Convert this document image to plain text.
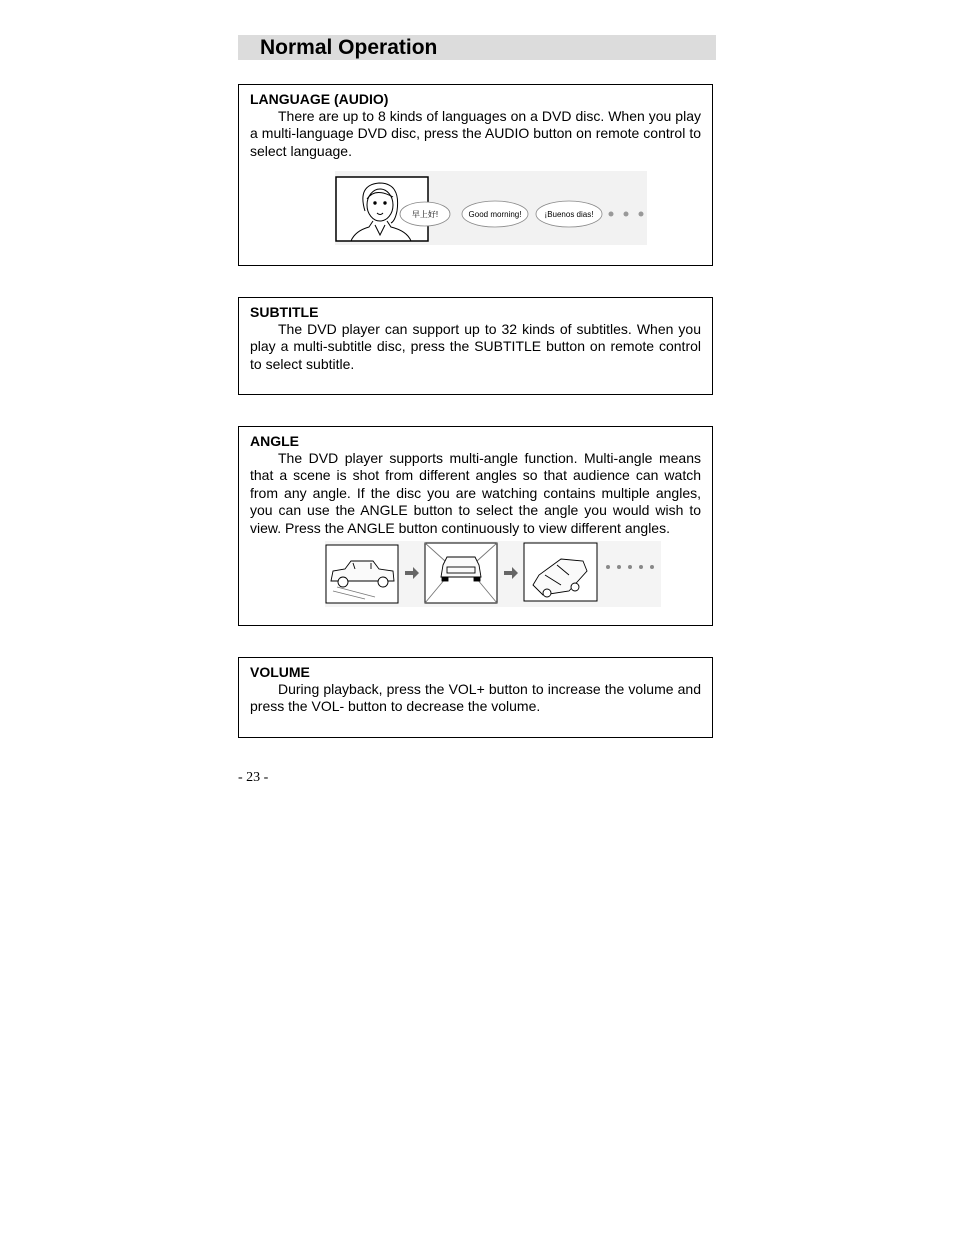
Normal Operation
LANGUAGE (AUDIO)

There are up to 8 kinds of languages on a DVD disc. When you play a multi-language DVD disc, press the AUDIO button on remote control to select language.

早上好!	Good morning!	¡Buenos dias!
SUBTITLE

The DVD player can support up to 32 kinds of subtitles. When you play a multi-subtitle disc, press the SUBTITLE button on remote control to select subtitle.

ANGLE

The DVD player supports multi-angle function. Multi-angle means that a scene is shot from different angles so that audience can watch from any angle. If the disc you are watching contains multiple angles, you can use the ANGLE button to select the angle you would wish to view. Press the ANGLE button continuously to view different angles.

VOLUME

During playback, press the VOL+ button to increase the volume and press the VOL- button to decrease the volume.

- 23 -
